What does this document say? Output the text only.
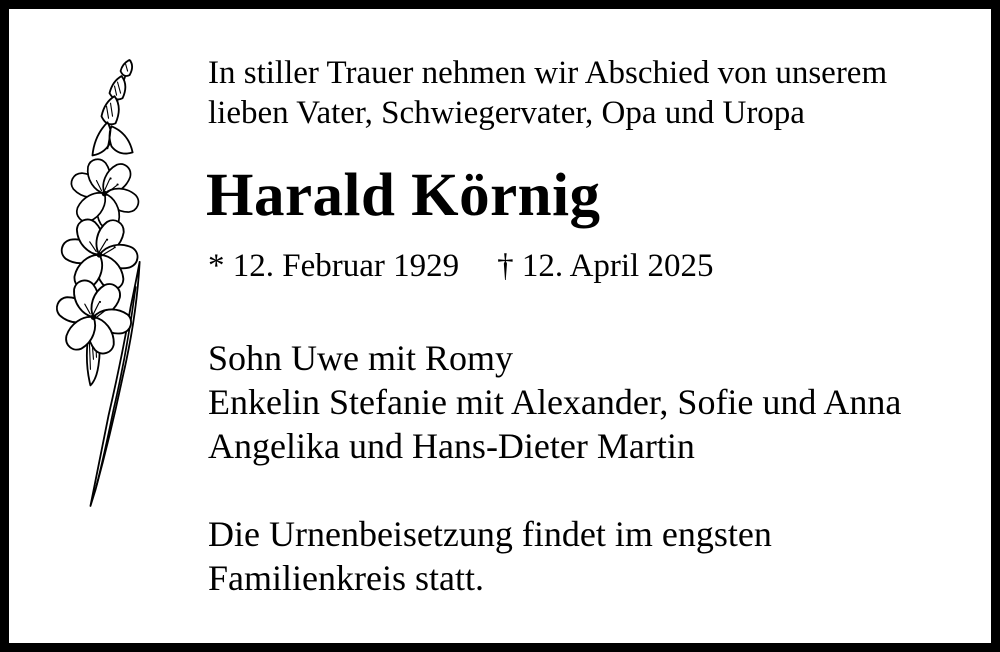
In stiller Trauer nehmen wir Abschied von unserem
lieben Vater, Schwiegervater, Opa und Uropa
Harald Körnig
* 12. Februar 1929 † 12. April 2025
Sohn Uwe mit Romy
Enkelin Stefanie mit Alexander, Sofie und Anna
Angelika und Hans-Dieter Martin
Die Urnenbeisetzung findet im engsten
Familienkreis statt.
